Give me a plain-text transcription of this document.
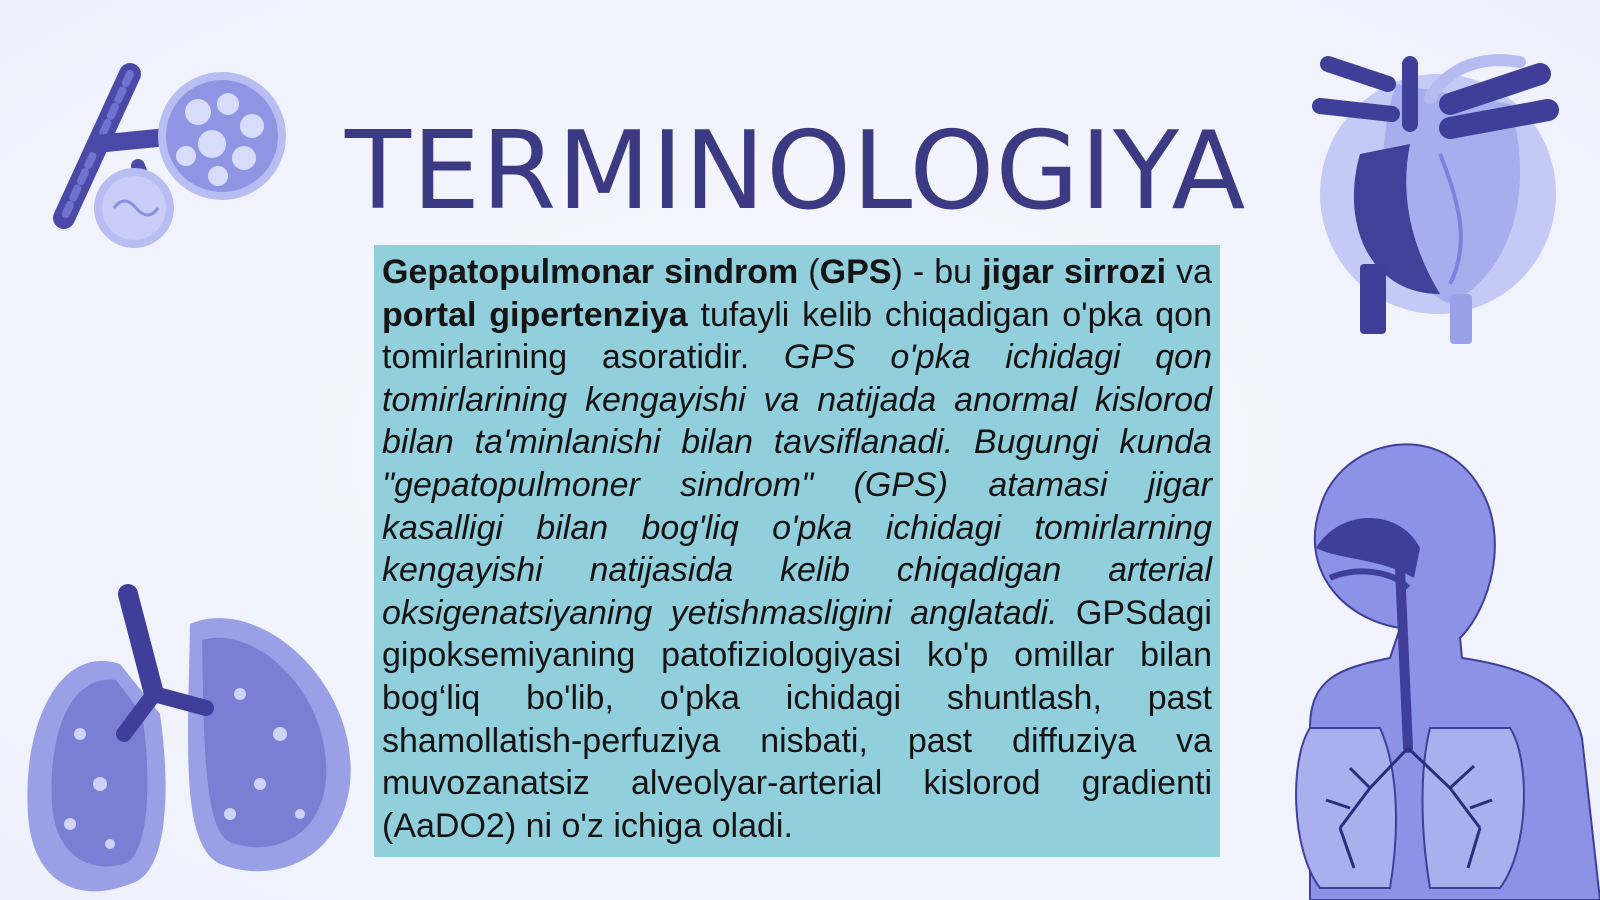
TERMINOLOGIYA

Gepatopulmonar sindrom (GPS) - bu jigar sirrozi va portal gipertenziya tufayli kelib chiqadigan o'pka qon tomirlarining asoratidir. GPS o'pka ichidagi qon tomirlarining kengayishi va natijada anormal kislorod bilan ta'minlanishi bilan tavsiflanadi. Bugungi kunda "gepatopulmoner sindrom" (GPS) atamasi jigar kasalligi bilan bog'liq o'pka ichidagi tomirlarning kengayishi natijasida kelib chiqadigan arterial oksigenatsiyaning yetishmasligini anglatadi. GPSdagi gipoksemiyaning patofiziologiyasi ko'p omillar bilan bog‘liq bo'lib, o'pka ichidagi shuntlash, past shamollatish-perfuziya nisbati, past diffuziya va muvozanatsiz alveolyar-arterial kislorod gradienti (AaDO2) ni o'z ichiga oladi.
